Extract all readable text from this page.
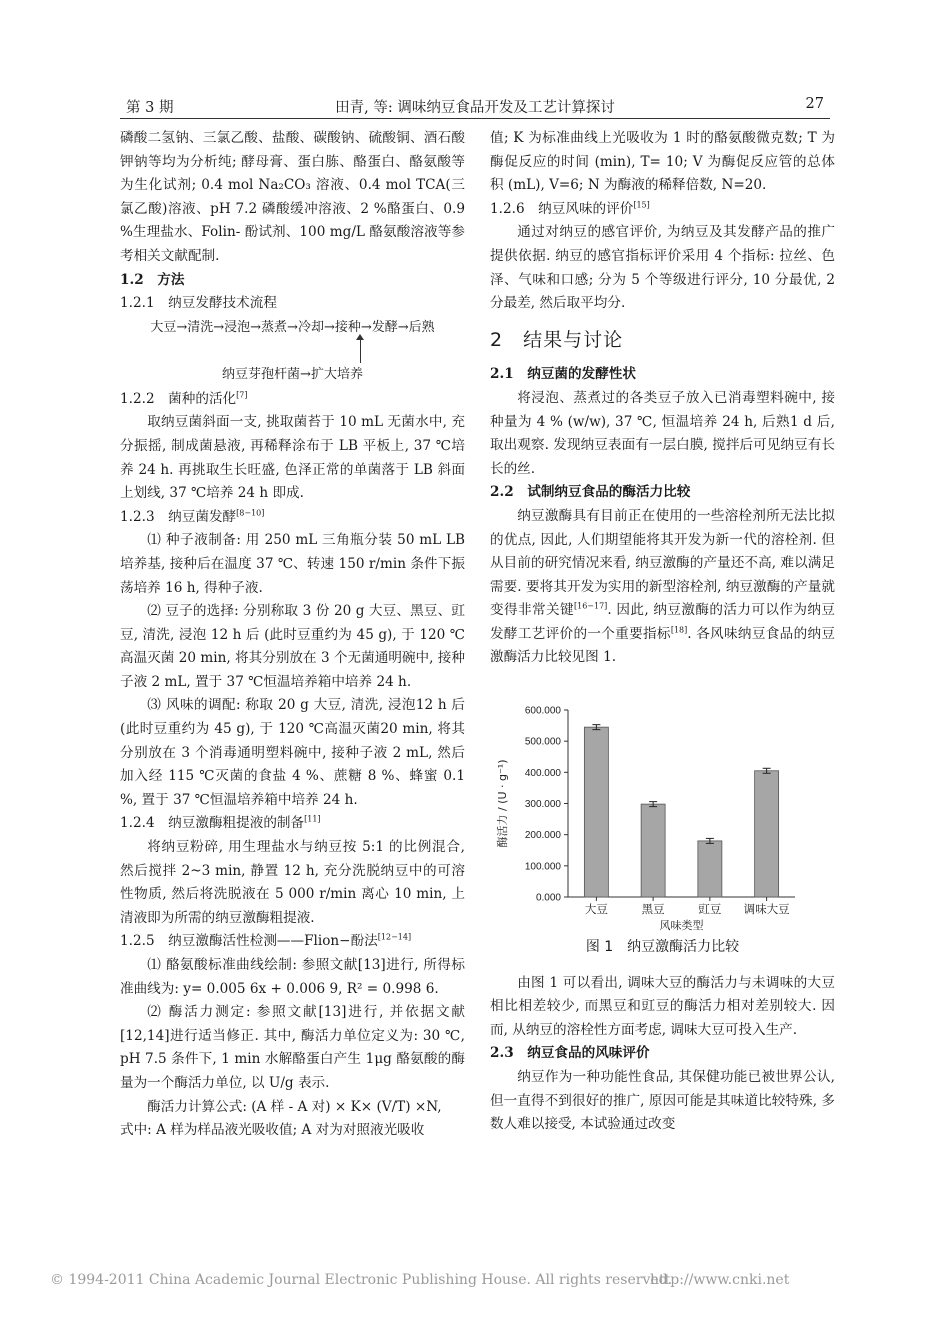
第 3 期	田青, 等: 调味纳豆食品开发及工艺计算探讨	27

磷酸二氢钠、三氯乙酸、盐酸、碳酸钠、硫酸铜、酒石酸钾钠等均为分析纯; 酵母膏、蛋白胨、酪蛋白、酪氨酸等为生化试剂; 0.4 mol Na₂CO₃ 溶液、0.4 mol TCA(三氯乙酸)溶液、pH 7.2 磷酸缓冲溶液、2 %酪蛋白、0.9 %生理盐水、Folin- 酚试剂、100 mg/L 酪氨酸溶液等参考相关文献配制.

1.2　方法

1.2.1　纳豆发酵技术流程

大豆→清洗→浸泡→蒸煮→冷却→接种→发酵→后熟
纳豆芽孢杆菌→扩大培养

1.2.2　菌种的活化[7]

取纳豆菌斜面一支, 挑取菌苔于 10 mL 无菌水中, 充分振摇, 制成菌悬液, 再稀释涂布于 LB 平板上, 37 ℃培养 24 h. 再挑取生长旺盛, 色泽正常的单菌落于 LB 斜面上划线, 37 ℃培养 24 h 即成.

1.2.3　纳豆菌发酵[8−10]

⑴ 种子液制备: 用 250 mL 三角瓶分装 50 mL LB 培养基, 接种后在温度 37 ℃、转速 150 r/min 条件下振荡培养 16 h, 得种子液.

⑵ 豆子的选择: 分别称取 3 份 20 g 大豆、黑豆、豇豆, 清洗, 浸泡 12 h 后 (此时豆重约为 45 g), 于 120 ℃高温灭菌 20 min, 将其分别放在 3 个无菌通明碗中, 接种子液 2 mL, 置于 37 ℃恒温培养箱中培养 24 h.

⑶ 风味的调配: 称取 20 g 大豆, 清洗, 浸泡12 h 后 (此时豆重约为 45 g), 于 120 ℃高温灭菌20 min, 将其分别放在 3 个消毒通明塑料碗中, 接种子液 2 mL, 然后加入经 115 ℃灭菌的食盐 4 %、蔗糖 8 %、蜂蜜 0.1 %, 置于 37 ℃恒温培养箱中培养 24 h.

1.2.4　纳豆激酶粗提液的制备[11]

将纳豆粉碎, 用生理盐水与纳豆按 5:1 的比例混合, 然后搅拌 2~3 min, 静置 12 h, 充分洗脱纳豆中的可溶性物质, 然后将洗脱液在 5 000 r/min 离心 10 min, 上清液即为所需的纳豆激酶粗提液.

1.2.5　纳豆激酶活性检测——Flion−酚法[12−14]

⑴ 酪氨酸标准曲线绘制: 参照文献[13]进行, 所得标准曲线为: y= 0.005 6x + 0.006 9, R² = 0.998 6.

⑵ 酶活力测定: 参照文献[13]进行, 并依据文献[12,14]进行适当修正. 其中, 酶活力单位定义为: 30 ℃, pH 7.5 条件下, 1 min 水解酪蛋白产生 1μg 酪氨酸的酶量为一个酶活力单位, 以 U/g 表示.

酶活力计算公式: (A 样 - A 对) × K× (V/T) ×N,

式中: A 样为样品液光吸收值; A 对为对照液光吸收

值; K 为标准曲线上光吸收为 1 时的酪氨酸微克数; T 为酶促反应的时间 (min), T= 10; V 为酶促反应管的总体积 (mL), V=6; N 为酶液的稀释倍数, N=20.

1.2.6　纳豆风味的评价[15]

通过对纳豆的感官评价, 为纳豆及其发酵产品的推广提供依据. 纳豆的感官指标评价采用 4 个指标: 拉丝、色泽、气味和口感; 分为 5 个等级进行评分, 10 分最优, 2 分最差, 然后取平均分.

2　结果与讨论

2.1　纳豆菌的发酵性状

将浸泡、蒸煮过的各类豆子放入已消毒塑料碗中, 接种量为 4 % (w/w), 37 ℃, 恒温培养 24 h, 后熟1 d 后, 取出观察. 发现纳豆表面有一层白膜, 搅拌后可见纳豆有长长的丝.

2.2　试制纳豆食品的酶活力比较

纳豆激酶具有目前正在使用的一些溶栓剂所无法比拟的优点, 因此, 人们期望能将其开发为新一代的溶栓剂. 但从目前的研究情况来看, 纳豆激酶的产量还不高, 难以满足需要. 要将其开发为实用的新型溶栓剂, 纳豆激酶的产量就变得非常关键[16−17]. 因此, 纳豆激酶的活力可以作为纳豆发酵工艺评价的一个重要指标[18]. 各风味纳豆食品的纳豆激酶活力比较见图 1.

0.000
100.000
200.000
300.000
400.000
500.000
600.000
大豆	黑豆	豇豆 调味大豆
风味类型
酶活力 / (U · g⁻¹)

图 1　纳豆激酶活力比较

由图 1 可以看出, 调味大豆的酶活力与未调味的大豆相比相差较少, 而黑豆和豇豆的酶活力相对差别较大. 因而, 从纳豆的溶栓性方面考虑, 调味大豆可投入生产.

2.3　纳豆食品的风味评价

纳豆作为一种功能性食品, 其保健功能已被世界公认, 但一直得不到很好的推广, 原因可能是其味道比较特殊, 多数人难以接受, 本试验通过改变

© 1994-2011 China Academic Journal Electronic Publishing House. All rights reserved.
http://www.cnki.net
